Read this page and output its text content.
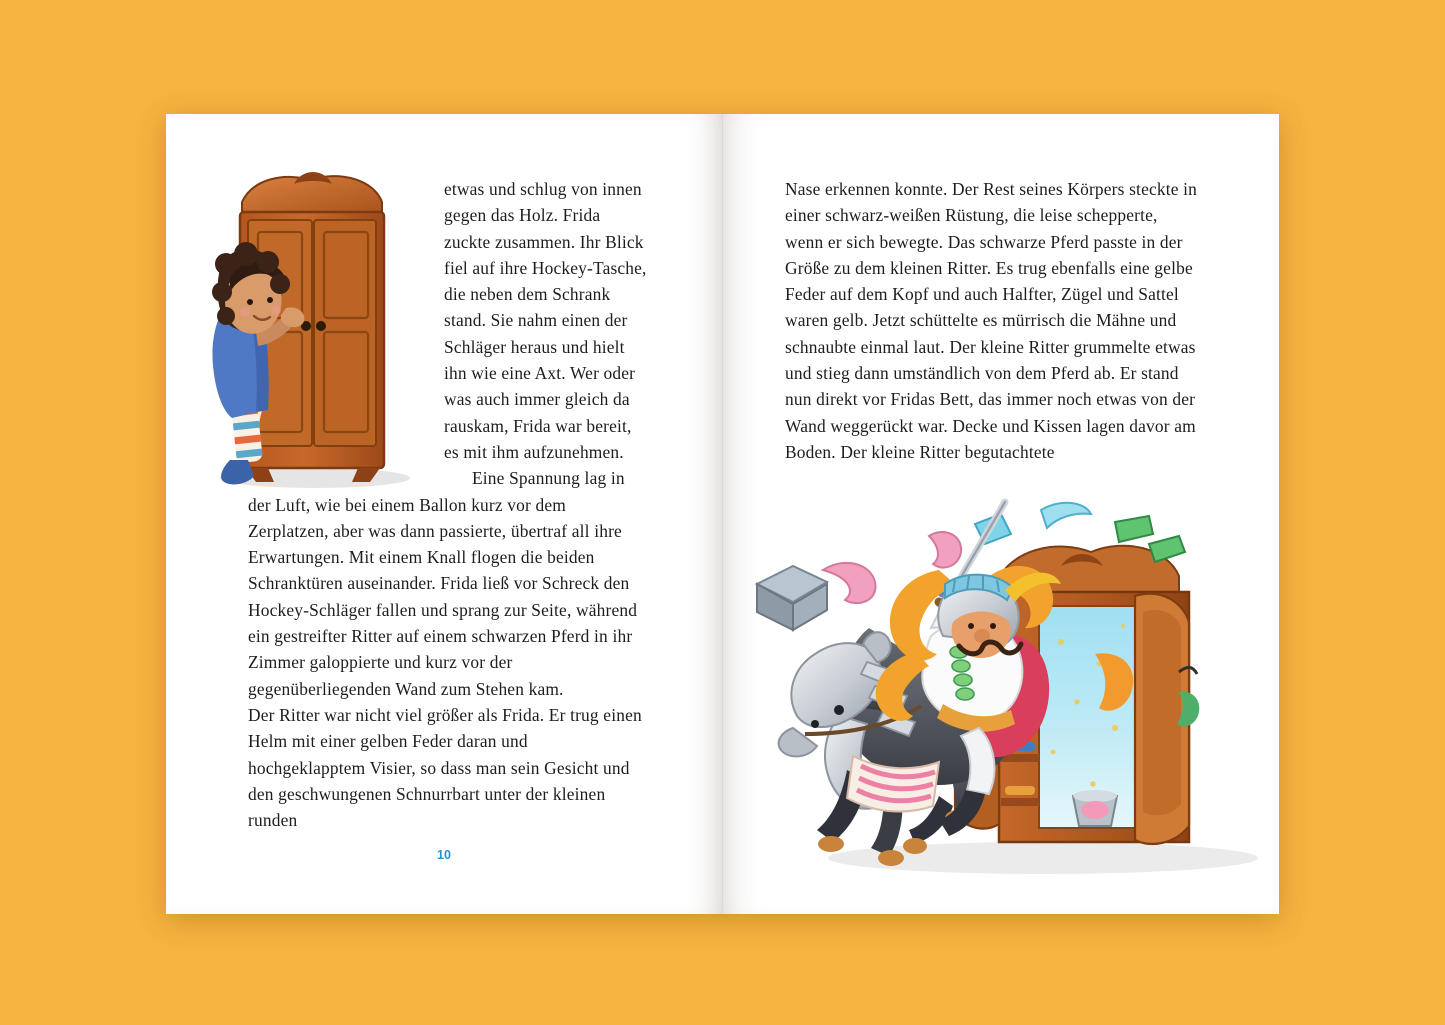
etwas und schlug von innen gegen das Holz. Frida zuckte zusammen. Ihr Blick fiel auf ihre Hockey-Tasche, die neben dem Schrank stand. Sie nahm einen der Schläger heraus und hielt ihn wie eine Axt. Wer oder was auch immer gleich da rauskam, Frida war bereit, es mit ihm aufzunehmen.

Eine Spannung lag in der Luft, wie bei einem Ballon kurz vor dem Zerplatzen, aber was dann passierte, übertraf all ihre Erwartungen. Mit einem Knall flogen die beiden Schranktüren auseinander. Frida ließ vor Schreck den Hockey-Schläger fallen und sprang zur Seite, während ein gestreifter Ritter auf einem schwarzen Pferd in ihr Zimmer galoppierte und kurz vor der gegenüberliegenden Wand zum Stehen kam.

Der Ritter war nicht viel größer als Frida. Er trug einen Helm mit einer gelben Feder daran und hochgeklapptem Visier, so dass man sein Gesicht und den geschwungenen Schnurrbart unter der kleinen runden

10

Nase erkennen konnte. Der Rest seines Körpers steckte in einer schwarz-weißen Rüstung, die leise schepperte, wenn er sich bewegte. Das schwarze Pferd passte in der Größe zu dem kleinen Ritter. Es trug ebenfalls eine gelbe Feder auf dem Kopf und auch Halfter, Zügel und Sattel waren gelb. Jetzt schüttelte es mürrisch die Mähne und schnaubte einmal laut. Der kleine Ritter grummelte etwas und stieg dann umständlich von dem Pferd ab. Er stand nun direkt vor Fridas Bett, das immer noch etwas von der Wand weggerückt war. Decke und Kissen lagen davor am Boden. Der kleine Ritter begutachtete
